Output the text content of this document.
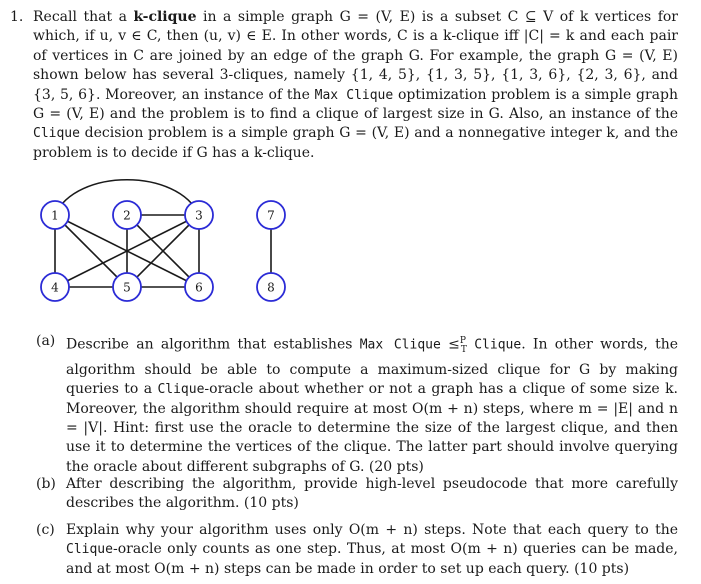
1. Recall that a k-clique in a simple graph G = (V, E) is a subset C ⊆ V of k vertices for which, if u, v ∈ C, then (u, v) ∈ E. In other words, C is a k-clique iff |C| = k and each pair of vertices in C are joined by an edge of the graph G. For example, the graph G = (V, E) shown below has several 3-cliques, namely {1, 4, 5}, {1, 3, 5}, {1, 3, 6}, {2, 3, 6}, and {3, 5, 6}. Moreover, an instance of the Max Clique optimization problem is a simple graph G = (V, E) and the problem is to find a clique of largest size in G. Also, an instance of the Clique decision problem is a simple graph G = (V, E) and a nonnegative integer k, and the problem is to decide if G has a k-clique.
1	2	3	7
4	5	6	8
(a) Describe an algorithm that establishes Max Clique ≤$^P_T$ Clique. In other words, the algorithm should be able to compute a maximum-sized clique for G by making queries to a Clique-oracle about whether or not a graph has a clique of some size k. Moreover, the algorithm should require at most O(m + n) steps, where m = |E| and n = |V|. Hint: first use the oracle to determine the size of the largest clique, and then use it to determine the vertices of the clique. The latter part should involve querying the oracle about different subgraphs of G. (20 pts)
(b) After describing the algorithm, provide high-level pseudocode that more carefully describes the algorithm. (10 pts)
(c) Explain why your algorithm uses only O(m + n) steps. Note that each query to the Clique-oracle only counts as one step. Thus, at most O(m + n) queries can be made, and at most O(m + n) steps can be made in order to set up each query. (10 pts)
